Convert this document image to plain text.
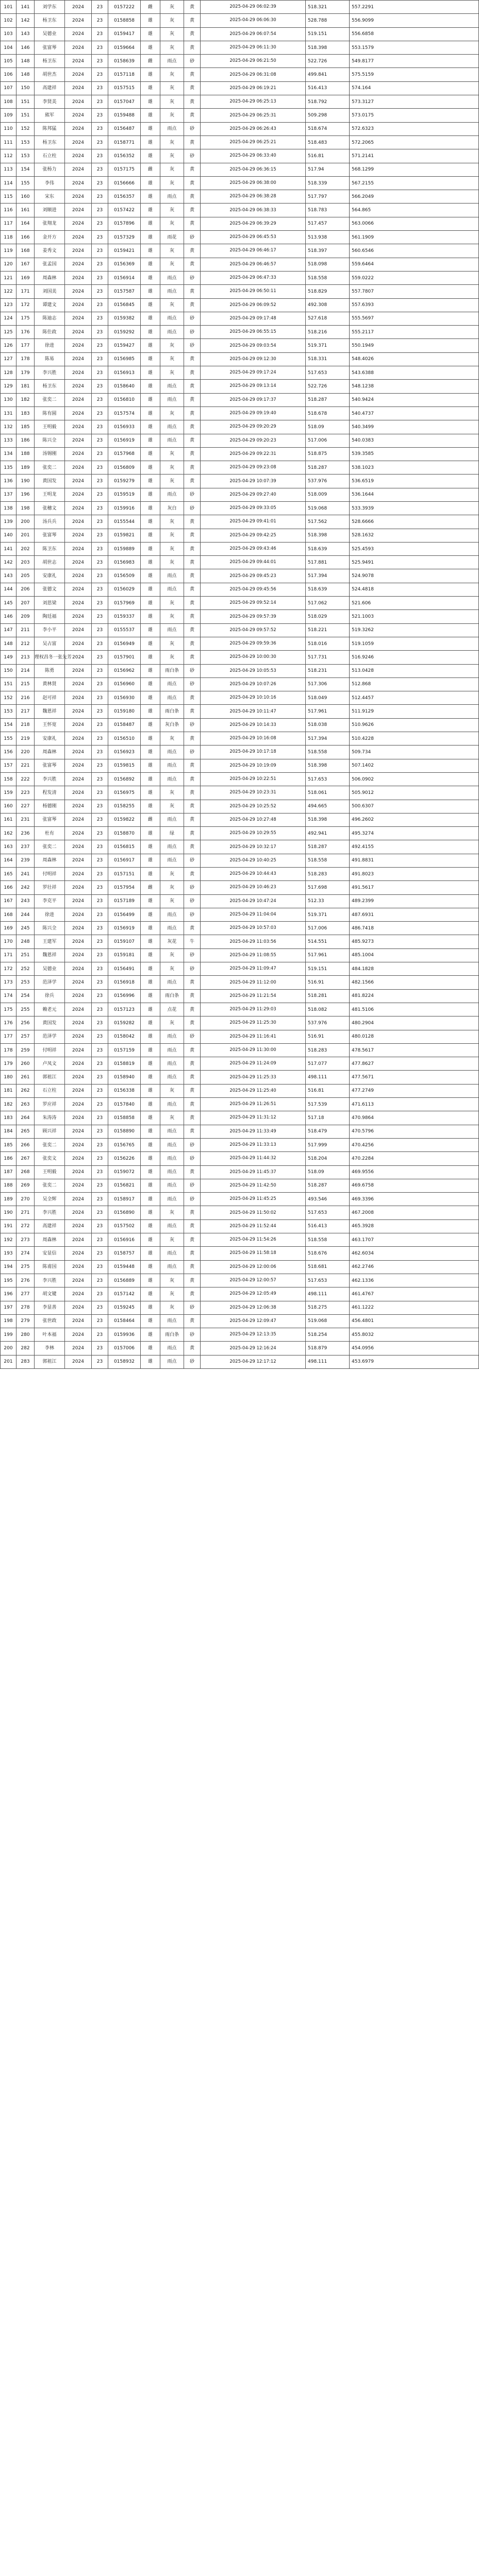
101	141	刘学东	2024	23	0157222	雌	灰	黄	2025-04-29 06:02:39	518.321	557.2291
102	142	杨卫东	2024	23	0158858	雄	灰	黄	2025-04-29 06:06:30	528.788	556.9099
103	143	吴德业	2024	23	0159417	雄	灰	黄	2025-04-29 06:07:54	519.151	556.6858
104	146	张富琴	2024	23	0159664	雄	灰	黄	2025-04-29 06:11:30	518.398	553.1579
105	148	杨卫东	2024	23	0158639	雌	雨点	砂	2025-04-29 06:21:50	522.726	549.8177
106	148	胡世杰	2024	23	0157118	雄	灰	黄	2025-04-29 06:31:08	499.841	575.5159
107	150	高建祥	2024	23	0157515	雄	灰	黄	2025-04-29 06:19:21	516.413	574.164
108	151	李贤美	2024	23	0157047	雄	灰	黄	2025-04-29 06:25:13	518.792	573.3127
109	151	熊军	2024	23	0159488	雄	灰	黄	2025-04-29 06:25:31	509.298	573.0175
110	152	陈邦猛	2024	23	0156487	雄	雨点	砂	2025-04-29 06:26:43	518.674	572.6323
111	153	杨卫东	2024	23	0158771	雄	灰	黄	2025-04-29 06:25:21	518.483	572.2065
112	153	石立柱	2024	23	0156352	雄	灰	砂	2025-04-29 06:33:40	516.81	571.2141
113	154	张杨力	2024	23	0157175	雌	灰	黄	2025-04-29 06:36:15	517.94	568.1299
114	155	李伟	2024	23	0156666	雄	灰	黄	2025-04-29 06:38:00	518.339	567.2155
115	160	宋东	2024	23	0156357	雄	雨点	黄	2025-04-29 06:38:28	517.797	566.2049
116	161	刘顺进	2024	23	0157422	雄	灰	黄	2025-04-29 06:38:33	518.783	564.865
117	164	张翔龙	2024	23	0157896	雄	灰	黄	2025-04-29 06:39:29	517.457	563.0066
118	166	金开方	2024	23	0157329	雄	雨花	砂	2025-04-29 06:45:53	513.938	561.1909
119	168	姜秀文	2024	23	0159421	雄	灰	黄	2025-04-29 06:46:17	518.397	560.6546
120	167	张孟国	2024	23	0156369	雄	灰	黄	2025-04-29 06:46:57	518.098	559.6464
121	169	周森林	2024	23	0156914	雄	雨点	砂	2025-04-29 06:47:33	518.558	559.0222
122	171	刘国美	2024	23	0157587	雄	雨点	黄	2025-04-29 06:50:11	518.829	557.7807
123	172	谭建文	2024	23	0156845	雄	灰	黄	2025-04-29 06:09:52	492.308	557.6393
124	175	陈迪志	2024	23	0159382	雄	雨点	砂	2025-04-29 09:17:48	527.618	555.5697
125	176	陈仕政	2024	23	0159292	雄	雨点	砂	2025-04-29 06:55:15	518.216	555.2117
126	177	徐进	2024	23	0159427	雄	灰	砂	2025-04-29 09:03:54	519.371	550.1949
127	178	陈易	2024	23	0156985	雄	灰	黄	2025-04-29 09:12:30	518.331	548.4026
128	179	李兴胜	2024	23	0156913	雄	灰	黄	2025-04-29 09:17:24	517.653	543.6388
129	181	杨卫东	2024	23	0158640	雄	雨点	黄	2025-04-29 09:13:14	522.726	548.1238
130	182	张奕二	2024	23	0156810	雄	雨点	黄	2025-04-29 09:17:37	518.287	540.9424
131	183	陈有圆	2024	23	0157574	雄	灰	黄	2025-04-29 09:19:40	518.678	540.4737
132	185	王明毅	2024	23	0156933	雄	雨点	黄	2025-04-29 09:20:29	518.09	540.3499
133	186	陈兴全	2024	23	0156919	雄	雨点	黄	2025-04-29 09:20:23	517.006	540.0383
134	188	汤锡刚	2024	23	0157968	雄	灰	黄	2025-04-29 09:22:31	518.875	539.3585
135	189	张奕二	2024	23	0156809	雄	灰	黄	2025-04-29 09:23:08	518.287	538.1023
136	190	黄国发	2024	23	0159279	雄	灰	黄	2025-04-29 10:07:39	537.976	536.6519
137	196	王明龙	2024	23	0159519	雄	雨点	砂	2025-04-29 09:27:40	518.009	536.1644
138	198	张穗文	2024	23	0159916	雄	灰白	砂	2025-04-29 09:33:05	519.068	533.3939
139	200	汤兵兵	2024	23	0155544	雄	灰	黄	2025-04-29 09:41:01	517.562	528.6666
140	201	张富琴	2024	23	0159821	雄	灰	黄	2025-04-29 09:42:25	518.398	528.1632
141	202	陈卫东	2024	23	0159889	雄	灰	黄	2025-04-29 09:43:46	518.639	525.4593
142	203	胡世志	2024	23	0156983	雄	灰	黄	2025-04-29 09:44:01	517.881	525.9491
143	205	安康礼	2024	23	0156509	雄	雨点	黄	2025-04-29 09:45:23	517.394	524.9078
144	206	张德文	2024	23	0156029	雄	雨点	黄	2025-04-29 09:45:56	518.639	524.4818
145	207	刘思梁	2024	23	0157969	雄	灰	黄	2025-04-29 09:52:14	517.062	521.606
146	209	陶廷福	2024	23	0159337	雄	灰	黄	2025-04-29 09:57:39	518.029	521.1003
147	211	李小平	2024	23	0155537	雄	雨点	黄	2025-04-29 09:57:52	518.221	519.3262
148	212	吴占富	2024	23	0156949	雄	灰	黄	2025-04-29 09:59:36	518.016	519.1059
149	213	理权昌冬一张先芳	2024	23	0157901	雄	灰	黄	2025-04-29 10:00:30	517.731	516.9246
150	214	陈勇	2024	23	0156962	雄	雨白条	砂	2025-04-29 10:05:53	518.231	513.0428
151	215	黄林贤	2024	23	0156960	雄	雨点	砂	2025-04-29 10:07:26	517.306	512.868
152	216	赵可祥	2024	23	0156930	雄	雨点	黄	2025-04-29 10:10:16	518.049	512.4457
153	217	魏恩祥	2024	23	0159180	雄	雨白条	黄	2025-04-29 10:11:47	517.961	511.9129
154	218	王怀宽	2024	23	0158487	雄	灰白条	砂	2025-04-29 10:14:33	518.038	510.9626
155	219	安康礼	2024	23	0156510	雄	灰	黄	2025-04-29 10:16:08	517.394	510.4228
156	220	周森林	2024	23	0156923	雄	雨点	砂	2025-04-29 10:17:18	518.558	509.734
157	221	张富琴	2024	23	0159815	雄	雨点	黄	2025-04-29 10:19:09	518.398	507.1402
158	222	李兴胜	2024	23	0156892	雄	雨点	黄	2025-04-29 10:22:51	517.653	506.0902
159	223	程发清	2024	23	0156975	雄	灰	黄	2025-04-29 10:23:31	518.061	505.9012
160	227	杨德刚	2024	23	0158255	雄	灰	黄	2025-04-29 10:25:52	494.665	500.6307
161	231	张富琴	2024	23	0159822	雌	雨点	黄	2025-04-29 10:27:48	518.398	496.2602
162	236	杜有	2024	23	0158870	雄	绿	黄	2025-04-29 10:29:55	492.941	495.3274
163	237	张奕二	2024	23	0156815	雄	雨点	黄	2025-04-29 10:32:17	518.287	492.4155
164	239	周森林	2024	23	0156917	雄	雨点	砂	2025-04-29 10:40:25	518.558	491.8831
165	241	付明祥	2024	23	0157151	雄	灰	黄	2025-04-29 10:44:43	518.283	491.8023
166	242	罗壮祥	2024	23	0157954	雌	灰	砂	2025-04-29 10:46:23	517.698	491.5617
167	243	李克平	2024	23	0157189	雄	灰	砂	2025-04-29 10:47:24	512.33	489.2399
168	244	徐进	2024	23	0156499	雄	雨点	砂	2025-04-29 11:04:04	519.371	487.6931
169	245	陈兴全	2024	23	0156919	雄	雨点	黄	2025-04-29 10:57:03	517.006	486.7418
170	248	王建军	2024	23	0159107	雄	灰花	牛	2025-04-29 11:03:56	514.551	485.9273
171	251	魏恩祥	2024	23	0159181	雄	灰	砂	2025-04-29 11:08:55	517.961	485.1004
172	252	吴德业	2024	23	0156491	雄	灰	砂	2025-04-29 11:09:47	519.151	484.1828
173	253	范泽学	2024	23	0156918	雄	雨点	黄	2025-04-29 11:12:00	516.91	482.1566
174	254	徐兵	2024	23	0156996	雄	雨白条	黄	2025-04-29 11:21:54	518.281	481.8224
175	255	赖老元	2024	23	0157123	雄	点花	黄	2025-04-29 11:29:03	518.082	481.5106
176	256	黄国发	2024	23	0159282	雄	灰	黄	2025-04-29 11:25:30	537.976	480.2904
177	257	范泽学	2024	23	0158042	雄	雨点	砂	2025-04-29 11:16:41	516.91	480.0128
178	259	付明祥	2024	23	0157159	雄	雨点	黄	2025-04-29 11:30:00	518.283	478.5617
179	260	卢凤文	2024	23	0158819	雄	雨点	黄	2025-04-29 11:24:09	517.077	477.8627
180	261	郭祖江	2024	23	0158940	雄	雨点	黄	2025-04-29 11:25:33	498.111	477.5671
181	262	石立柱	2024	23	0156338	雄	灰	黄	2025-04-29 11:25:40	516.81	477.2749
182	263	罗应祥	2024	23	0157840	雄	雨点	黄	2025-04-29 11:26:51	517.539	471.6113
183	264	朱涛涛	2024	23	0158858	雄	灰	黄	2025-04-29 11:31:12	517.18	470.9864
184	265	顾兴祥	2024	23	0158890	雄	雨点	黄	2025-04-29 11:33:49	518.479	470.5796
185	266	张奕二	2024	23	0156765	雄	雨点	砂	2025-04-29 11:33:13	517.999	470.4256
186	267	张奕文	2024	23	0156226	雄	雨点	砂	2025-04-29 11:44:32	518.204	470.2284
187	268	王明毅	2024	23	0159072	雄	雨点	黄	2025-04-29 11:45:37	518.09	469.9556
188	269	张奕二	2024	23	0156821	雄	雨点	砂	2025-04-29 11:42:50	518.287	469.6758
189	270	吴全辉	2024	23	0158917	雄	雨点	砂	2025-04-29 11:45:25	493.546	469.3396
190	271	李兴胜	2024	23	0156890	雄	灰	黄	2025-04-29 11:50:02	517.653	467.2008
191	272	高建祥	2024	23	0157502	雄	雨点	黄	2025-04-29 11:52:44	516.413	465.3928
192	273	周森林	2024	23	0156916	雄	灰	黄	2025-04-29 11:54:26	518.558	463.1707
193	274	安显信	2024	23	0158757	雄	雨点	黄	2025-04-29 11:58:18	518.676	462.6034
194	275	陈甫国	2024	23	0159448	雄	雨点	黄	2025-04-29 12:00:06	518.681	462.2746
195	276	李兴胜	2024	23	0156889	雄	灰	黄	2025-04-29 12:00:57	517.653	462.1336
196	277	胡文键	2024	23	0157142	雄	灰	黄	2025-04-29 12:05:49	498.111	461.4767
197	278	李显善	2024	23	0159245	雄	灰	砂	2025-04-29 12:06:38	518.275	461.1222
198	279	张世政	2024	23	0158464	雄	雨点	黄	2025-04-29 12:09:47	519.068	456.4801
199	280	叶本福	2024	23	0159936	雄	雨白条	砂	2025-04-29 12:13:35	518.254	455.8032
200	282	李林	2024	23	0157006	雄	雨点	黄	2025-04-29 12:16:24	518.879	454.0956
201	283	郭祖江	2024	23	0158932	雄	雨点	砂	2025-04-29 12:17:12	498.111	453.6979
